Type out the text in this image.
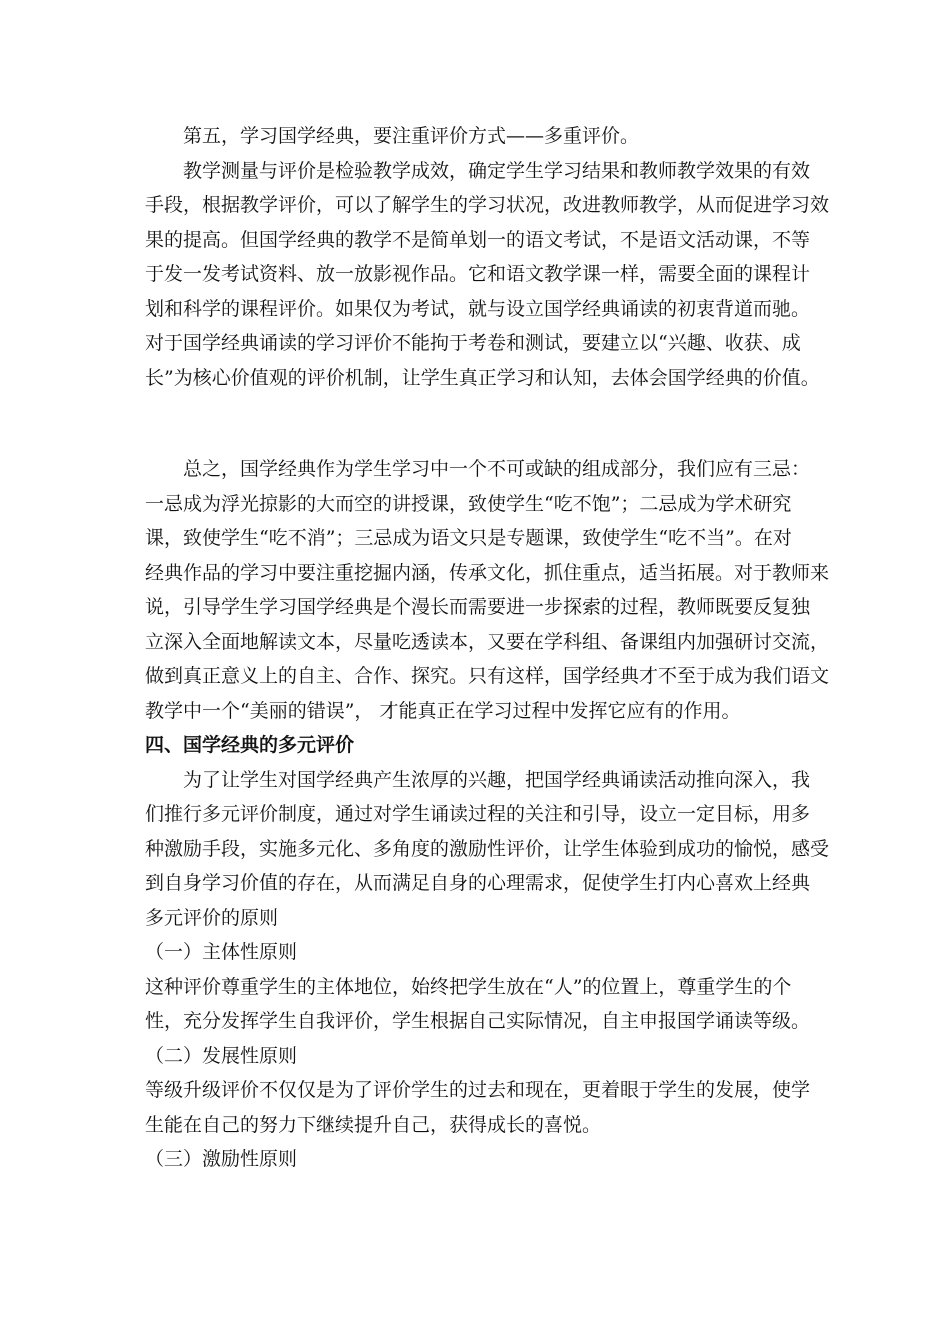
第五，学习国学经典，要注重评价方式——多重评价。
教学测量与评价是检验教学成效，确定学生学习结果和教师教学效果的有效
手段，根据教学评价，可以了解学生的学习状况，改进教师教学，从而促进学习效
果的提高。但国学经典的教学不是简单划一的语文考试，不是语文活动课，不等
于发一发考试资料、放一放影视作品。它和语文教学课一样，需要全面的课程计
划和科学的课程评价。如果仅为考试，就与设立国学经典诵读的初衷背道而驰。
对于国学经典诵读的学习评价不能拘于考卷和测试，要建立以“兴趣、收获、成
长”为核心价值观的评价机制，让学生真正学习和认知，去体会国学经典的价值。
总之，国学经典作为学生学习中一个不可或缺的组成部分，我们应有三忌：
一忌成为浮光掠影的大而空的讲授课，致使学生“吃不饱”；二忌成为学术研究
课，致使学生“吃不消”；三忌成为语文只是专题课，致使学生“吃不当”。在对
经典作品的学习中要注重挖掘内涵，传承文化，抓住重点，适当拓展。对于教师来
说，引导学生学习国学经典是个漫长而需要进一步探索的过程，教师既要反复独
立深入全面地解读文本，尽量吃透读本，又要在学科组、备课组内加强研讨交流，
做到真正意义上的自主、合作、探究。只有这样，国学经典才不至于成为我们语文
教学中一个“美丽的错误”， 才能真正在学习过程中发挥它应有的作用。
四、国学经典的多元评价
为了让学生对国学经典产生浓厚的兴趣，把国学经典诵读活动推向深入，我
们推行多元评价制度，通过对学生诵读过程的关注和引导，设立一定目标，用多
种激励手段，实施多元化、多角度的激励性评价，让学生体验到成功的愉悦，感受
到自身学习价值的存在，从而满足自身的心理需求，促使学生打内心喜欢上经典
多元评价的原则
（一）主体性原则
这种评价尊重学生的主体地位，始终把学生放在“人”的位置上，尊重学生的个
性，充分发挥学生自我评价，学生根据自己实际情况，自主申报国学诵读等级。
（二）发展性原则
等级升级评价不仅仅是为了评价学生的过去和现在，更着眼于学生的发展，使学
生能在自己的努力下继续提升自己，获得成长的喜悦。
（三）激励性原则
